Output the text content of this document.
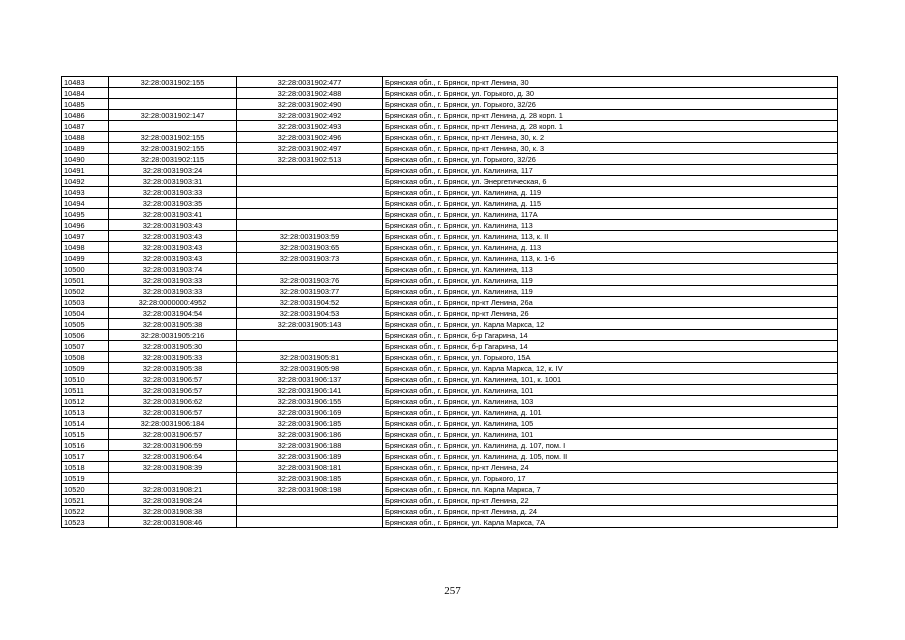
10483	32:28:0031902:155	32:28:0031902:477	Брянская обл., г. Брянск, пр-кт Ленина, 30
10484		32:28:0031902:488	Брянская обл., г. Брянск, ул. Горького, д. 30
10485		32:28:0031902:490	Брянская обл., г. Брянск, ул. Горького, 32/26
10486	32:28:0031902:147	32:28:0031902:492	Брянская обл., г. Брянск, пр-кт Ленина, д. 28 корп. 1
10487		32:28:0031902:493	Брянская обл., г. Брянск, пр-кт Ленина, д. 28 корп. 1
10488	32:28:0031902:155	32:28:0031902:496	Брянская обл., г. Брянск, пр-кт Ленина, 30, к. 2
10489	32:28:0031902:155	32:28:0031902:497	Брянская обл., г. Брянск, пр-кт Ленина, 30, к. 3
10490	32:28:0031902:115	32:28:0031902:513	Брянская обл., г. Брянск, ул. Горького, 32/26
10491	32:28:0031903:24		Брянская обл., г. Брянск, ул. Калинина, 117
10492	32:28:0031903:31		Брянская обл., г. Брянск, ул. Энергетическая, 6
10493	32:28:0031903:33		Брянская обл., г. Брянск, ул. Калинина, д. 119
10494	32:28:0031903:35		Брянская обл., г. Брянск, ул. Калинина, д. 115
10495	32:28:0031903:41		Брянская обл., г. Брянск, ул. Калинина, 117А
10496	32:28:0031903:43		Брянская обл., г. Брянск, ул. Калинина, 113
10497	32:28:0031903:43	32:28:0031903:59	Брянская обл., г. Брянск, ул. Калинина, 113, к. II
10498	32:28:0031903:43	32:28:0031903:65	Брянская обл., г. Брянск, ул. Калинина, д. 113
10499	32:28:0031903:43	32:28:0031903:73	Брянская обл., г. Брянск, ул. Калинина, 113, к. 1-6
10500	32:28:0031903:74		Брянская обл., г. Брянск, ул. Калинина, 113
10501	32:28:0031903:33	32:28:0031903:76	Брянская обл., г. Брянск, ул. Калинина, 119
10502	32:28:0031903:33	32:28:0031903:77	Брянская обл., г. Брянск, ул. Калинина, 119
10503	32:28:0000000:4952	32:28:0031904:52	Брянская обл., г. Брянск, пр-кт Ленина, 26а
10504	32:28:0031904:54	32:28:0031904:53	Брянская обл., г. Брянск, пр-кт Ленина, 26
10505	32:28:0031905:38	32:28:0031905:143	Брянская обл., г. Брянск, ул. Карла Маркса, 12
10506	32:28:0031905:216		Брянская обл., г. Брянск, б-р Гагарина, 14
10507	32:28:0031905:30		Брянская обл., г. Брянск, б-р Гагарина, 14
10508	32:28:0031905:33	32:28:0031905:81	Брянская обл., г. Брянск, ул. Горького, 15А
10509	32:28:0031905:38	32:28:0031905:98	Брянская обл., г. Брянск, ул. Карла Маркса, 12, к. IV
10510	32:28:0031906:57	32:28:0031906:137	Брянская обл., г. Брянск, ул. Калинина, 101, к. 1001
10511	32:28:0031906:57	32:28:0031906:141	Брянская обл., г. Брянск, ул. Калинина, 101
10512	32:28:0031906:62	32:28:0031906:155	Брянская обл., г. Брянск, ул. Калинина, 103
10513	32:28:0031906:57	32:28:0031906:169	Брянская обл., г. Брянск, ул. Калинина, д. 101
10514	32:28:0031906:184	32:28:0031906:185	Брянская обл., г. Брянск, ул. Калинина, 105
10515	32:28:0031906:57	32:28:0031906:186	Брянская обл., г. Брянск, ул. Калинина, 101
10516	32:28:0031906:59	32:28:0031906:188	Брянская обл., г. Брянск, ул. Калинина, д. 107, пом. I
10517	32:28:0031906:64	32:28:0031906:189	Брянская обл., г. Брянск, ул. Калинина, д. 105, пом. II
10518	32:28:0031908:39	32:28:0031908:181	Брянская обл., г. Брянск, пр-кт Ленина, 24
10519		32:28:0031908:185	Брянская обл., г. Брянск, ул. Горького, 17
10520	32:28:0031908:21	32:28:0031908:198	Брянская обл., г. Брянск, пл. Карла Маркса, 7
10521	32:28:0031908:24		Брянская обл., г. Брянск, пр-кт Ленина, 22
10522	32:28:0031908:38		Брянская обл., г. Брянск, пр-кт Ленина, д. 24
10523	32:28:0031908:46		Брянская обл., г. Брянск, ул. Карла Маркса, 7А
257
